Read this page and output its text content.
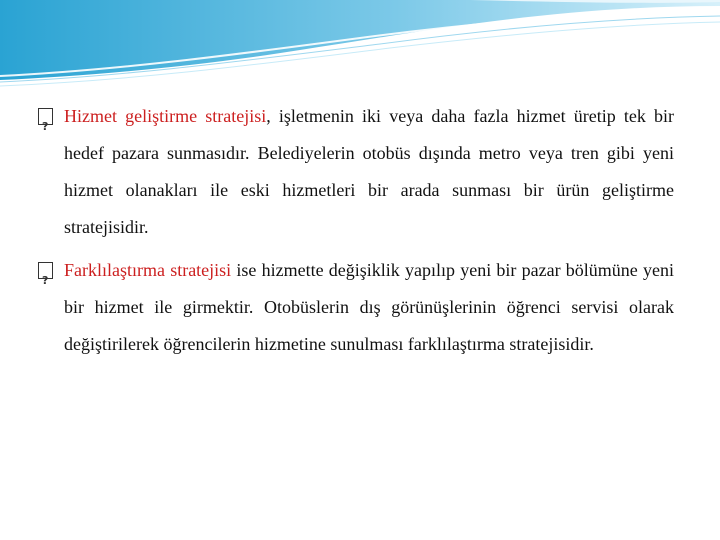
?
Hizmet geliştirme stratejisi, işletmenin iki veya daha fazla hizmet üretip tek bir hedef pazara sunmasıdır. Belediyelerin otobüs dışında metro veya tren gibi yeni hizmet olanakları ile eski hizmetleri bir arada sunması bir ürün geliştirme stratejisidir.

?
Farklılaştırma stratejisi ise hizmette değişiklik yapılıp yeni bir pazar bölümüne yeni bir hizmet ile girmektir. Otobüslerin dış görünüşlerinin öğrenci servisi olarak değiştirilerek öğrencilerin hizmetine sunulması farklılaştırma stratejisidir.
